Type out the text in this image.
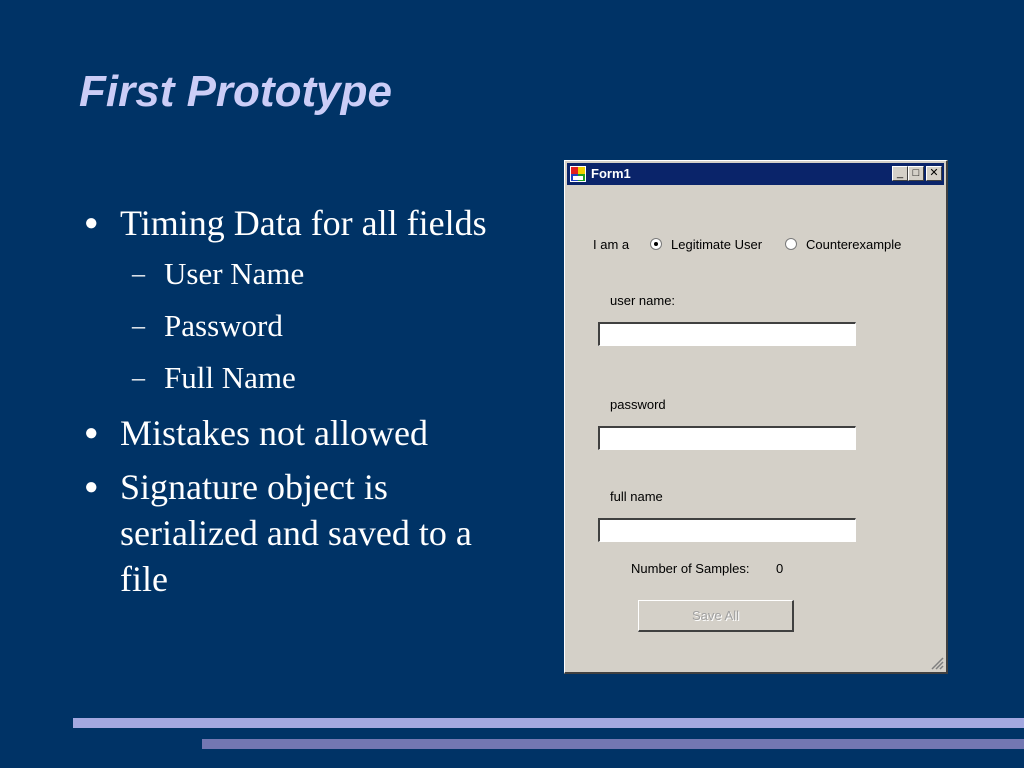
First Prototype
● Timing Data for all fields
– User Name
– Password
– Full Name
● Mistakes not allowed
● Signature object is serialized and saved to a file
Form1	_ □ ✕
I am a	Legitimate User	Counterexample
user name:
password
full name
Number of Samples: 0
Save All
